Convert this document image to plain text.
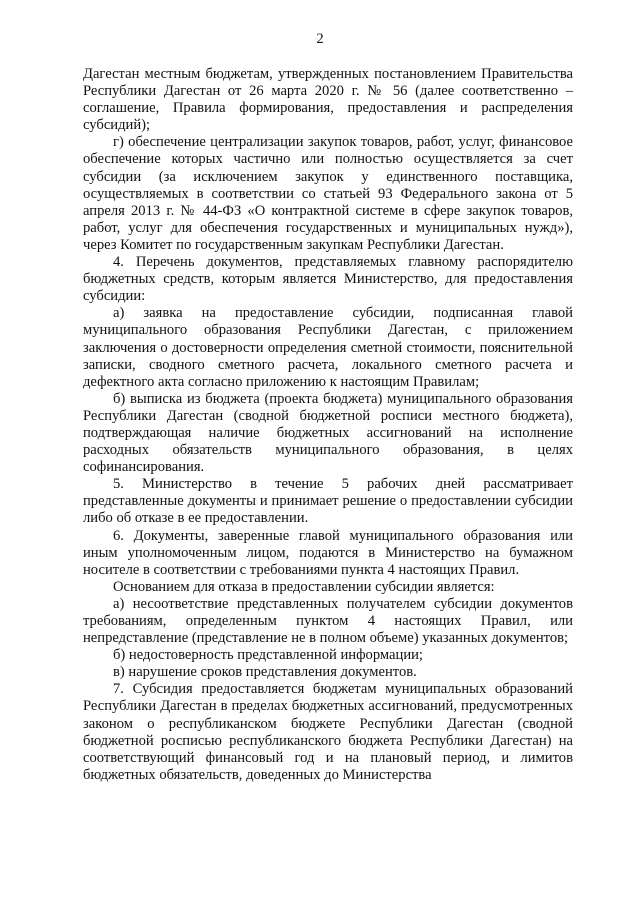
2

Дагестан местным бюджетам, утвержденных постановлением Правительства Республики Дагестан от 26 марта 2020 г. № 56 (далее соответственно – соглашение, Правила формирования, предоставления и распределения субсидий);

г) обеспечение централизации закупок товаров, работ, услуг, финансовое обеспечение которых частично или полностью осуществляется за счет субсидии (за исключением закупок у единственного поставщика, осуществляемых в соответствии со статьей 93 Федерального закона от 5 апреля 2013 г. № 44-ФЗ «О контрактной системе в сфере закупок товаров, работ, услуг для обеспечения государственных и муниципальных нужд»), через Комитет по государственным закупкам Республики Дагестан.

4. Перечень документов, представляемых главному распорядителю бюджетных средств, которым является Министерство, для предоставления субсидии:

а) заявка на предоставление субсидии, подписанная главой муниципального образования Республики Дагестан, с приложением заключения о достоверности определения сметной стоимости, пояснительной записки, сводного сметного расчета, локального сметного расчета и дефектного акта согласно приложению к настоящим Правилам;

б) выписка из бюджета (проекта бюджета) муниципального образования Республики Дагестан (сводной бюджетной росписи местного бюджета), подтверждающая наличие бюджетных ассигнований на исполнение расходных обязательств муниципального образования, в целях софинансирования.

5. Министерство в течение 5 рабочих дней рассматривает представленные документы и принимает решение о предоставлении субсидии либо об отказе в ее предоставлении.

6. Документы, заверенные главой муниципального образования или иным уполномоченным лицом, подаются в Министерство на бумажном носителе в соответствии с требованиями пункта 4 настоящих Правил.

Основанием для отказа в предоставлении субсидии является:

а) несоответствие представленных получателем субсидии документов требованиям, определенным пунктом 4 настоящих Правил, или непредставление (представление не в полном объеме) указанных документов;

б) недостоверность представленной информации;

в) нарушение сроков представления документов.

7. Субсидия предоставляется бюджетам муниципальных образований Республики Дагестан в пределах бюджетных ассигнований, предусмотренных законом о республиканском бюджете Республики Дагестан (сводной бюджетной росписью республиканского бюджета Республики Дагестан) на соответствующий финансовый год и на плановый период, и лимитов бюджетных обязательств, доведенных до Министерства
